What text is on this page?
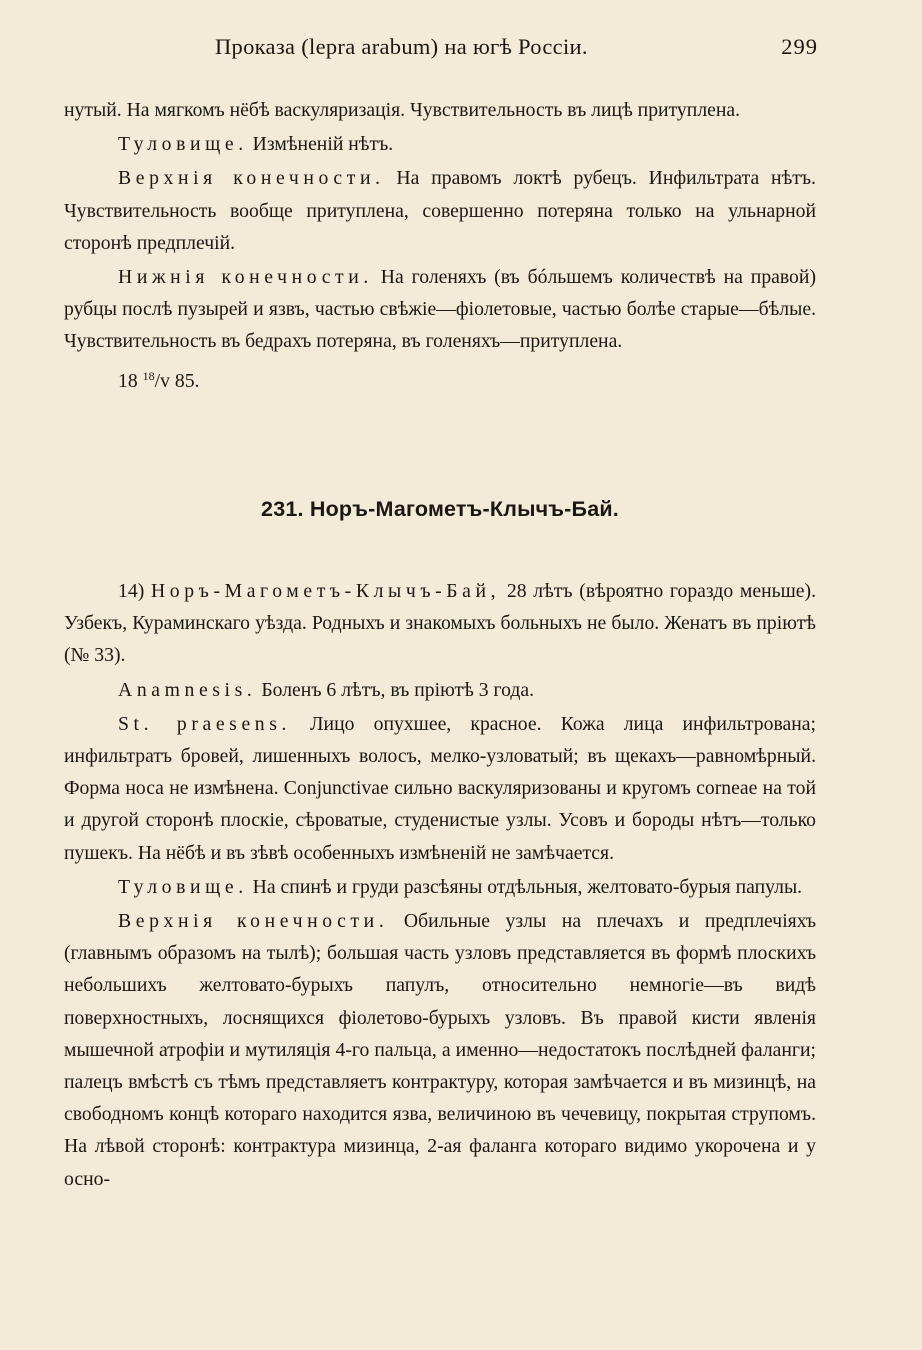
Проказа (lepra arabum) на югѣ Россіи.	299

нутый. На мягкомъ нёбѣ васкуляризація. Чувствительность въ лицѣ притуплена.

Туловище. Измѣненій нѣтъ.

Верхнія конечности. На правомъ локтѣ рубецъ. Инфильтрата нѣтъ. Чувствительность вообще притуплена, совершенно потеряна только на ульнарной сторонѣ предплечій.

Нижнія конечности. На голеняхъ (въ бóльшемъ количествѣ на правой) рубцы послѣ пузырей и язвъ, частью свѣжіе—фіолетовые, частью болѣе старые—бѣлые. Чувствительность въ бедрахъ потеряна, въ голеняхъ—притуплена.

18 $^{18}$/v 85.

231. Норъ-Магометъ-Клычъ-Бай.

14) Норъ-Магометъ-Клычъ-Бай, 28 лѣтъ (вѣроятно гораздо меньше). Узбекъ, Кураминскаго уѣзда. Родныхъ и знакомыхъ больныхъ не было. Женатъ въ пріютѣ (№ 33).

Anamnesis. Боленъ 6 лѣтъ, въ пріютѣ 3 года.

St. praesens. Лицо опухшее, красное. Кожа лица инфильтрована; инфильтратъ бровей, лишенныхъ волосъ, мелко-узловатый; въ щекахъ—равномѣрный. Форма носа не измѣнена. Conjunctivae сильно васкуляризованы и кругомъ corneae на той и другой сторонѣ плоскіе, сѣроватые, студенистые узлы. Усовъ и бороды нѣтъ—только пушекъ. На нёбѣ и въ зѣвѣ особенныхъ измѣненій не замѣчается.

Туловище. На спинѣ и груди разсѣяны отдѣльныя, желтовато-бурыя папулы.

Верхнія конечности. Обильные узлы на плечахъ и предплечіяхъ (главнымъ образомъ на тылѣ); большая часть узловъ представляется въ формѣ плоскихъ небольшихъ желтовато-бурыхъ папулъ, относительно немногіе—въ видѣ поверхностныхъ, лоснящихся фіолетово-бурыхъ узловъ. Въ правой кисти явленія мышечной атрофіи и мутиляція 4-го пальца, а именно—недостатокъ послѣдней фаланги; палецъ вмѣстѣ съ тѣмъ представляетъ контрактуру, которая замѣчается и въ мизинцѣ, на свободномъ концѣ котораго находится язва, величиною въ чечевицу, покрытая струпомъ. На лѣвой сторонѣ: контрактура мизинца, 2-ая фаланга котораго видимо укорочена и у осно-
